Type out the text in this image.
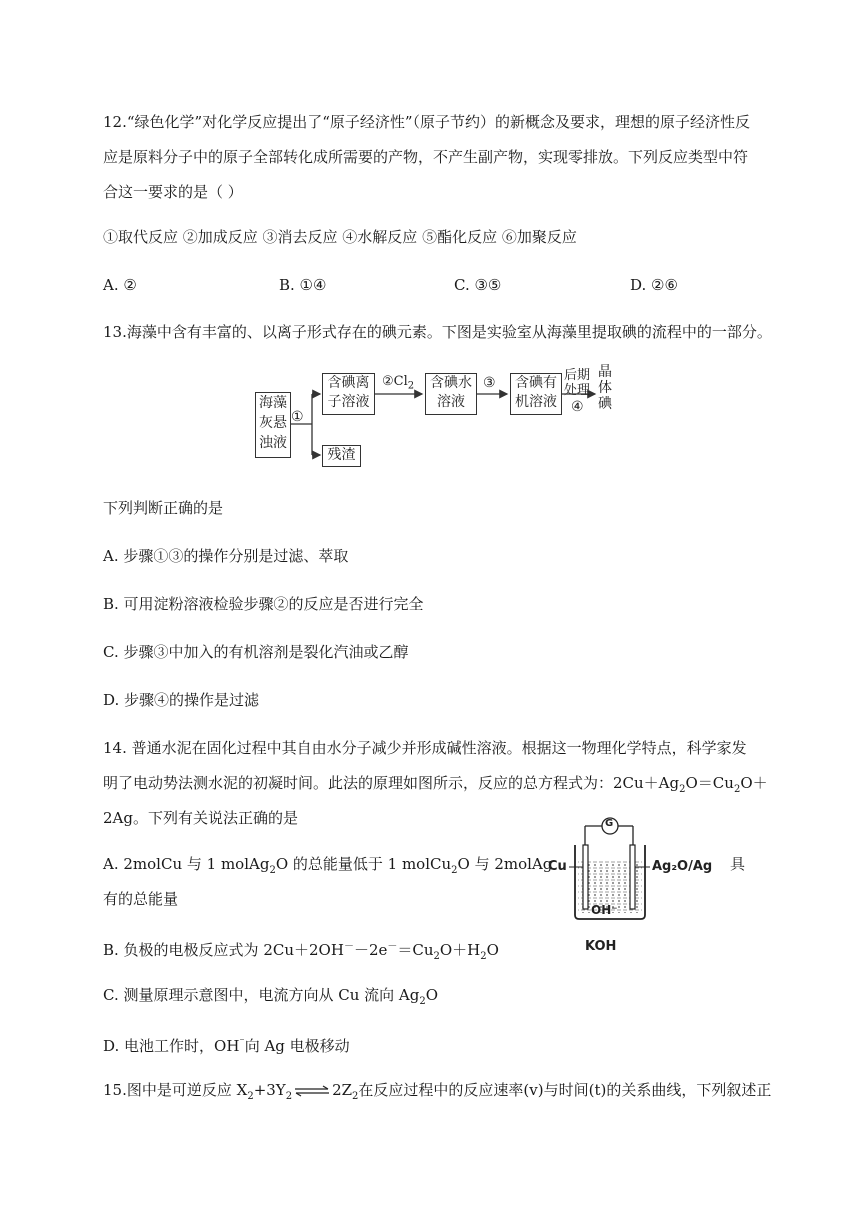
12.“绿色化学”对化学反应提出了“原子经济性”（原子节约）的新概念及要求，理想的原子经济性反
应是原料分子中的原子全部转化成所需要的产物，不产生副产物，实现零排放。下列反应类型中符
合这一要求的是（ ）
①取代反应 ②加成反应 ③消去反应 ④水解反应 ⑤酯化反应 ⑥加聚反应
A. ②	B. ①④	C. ③⑤	D. ②⑥
13.海藻中含有丰富的、以离子形式存在的碘元素。下图是实验室从海藻里提取碘的流程中的一部分。
海藻
灰悬
浊液
①
含碘离
子溶液
$②Cl_2$ 含碘水
溶液
③ 含碘有
机溶液
后期
处理
④
晶
体
碘
残渣
下列判断正确的是
A. 步骤①③的操作分别是过滤、萃取
B. 可用淀粉溶液检验步骤②的反应是否进行完全
C. 步骤③中加入的有机溶剂是裂化汽油或乙醇
D. 步骤④的操作是过滤
14. 普通水泥在固化过程中其自由水分子减少并形成碱性溶液。根据这一物理化学特点，科学家发
明了电动势法测水泥的初凝时间。此法的原理如图所示，反应的总方程式为：$2Cu+Ag_2O=Cu_2O+$
2Ag。下列有关说法正确的是
A. 2molCu 与 1 molAg$_2$O 的总能量低于 1 molCu$_2$O 与 2molAg	具
有的总能量
G
Cu	Ag₂O/Ag
OH⁻
KOH
B. 负极的电极反应式为 $2Cu+2OH^--2e^-=Cu_2O+H_2O$
C. 测量原理示意图中，电流方向从 Cu 流向 $Ag_2O$
D. 电池工作时，OH⁻向 Ag 电极移动
15.图中是可逆反应 $X_2+3Y_2$ ⇌ $2Z_2$在反应过程中的反应速率(v)与时间(t)的关系曲线，下列叙述正
